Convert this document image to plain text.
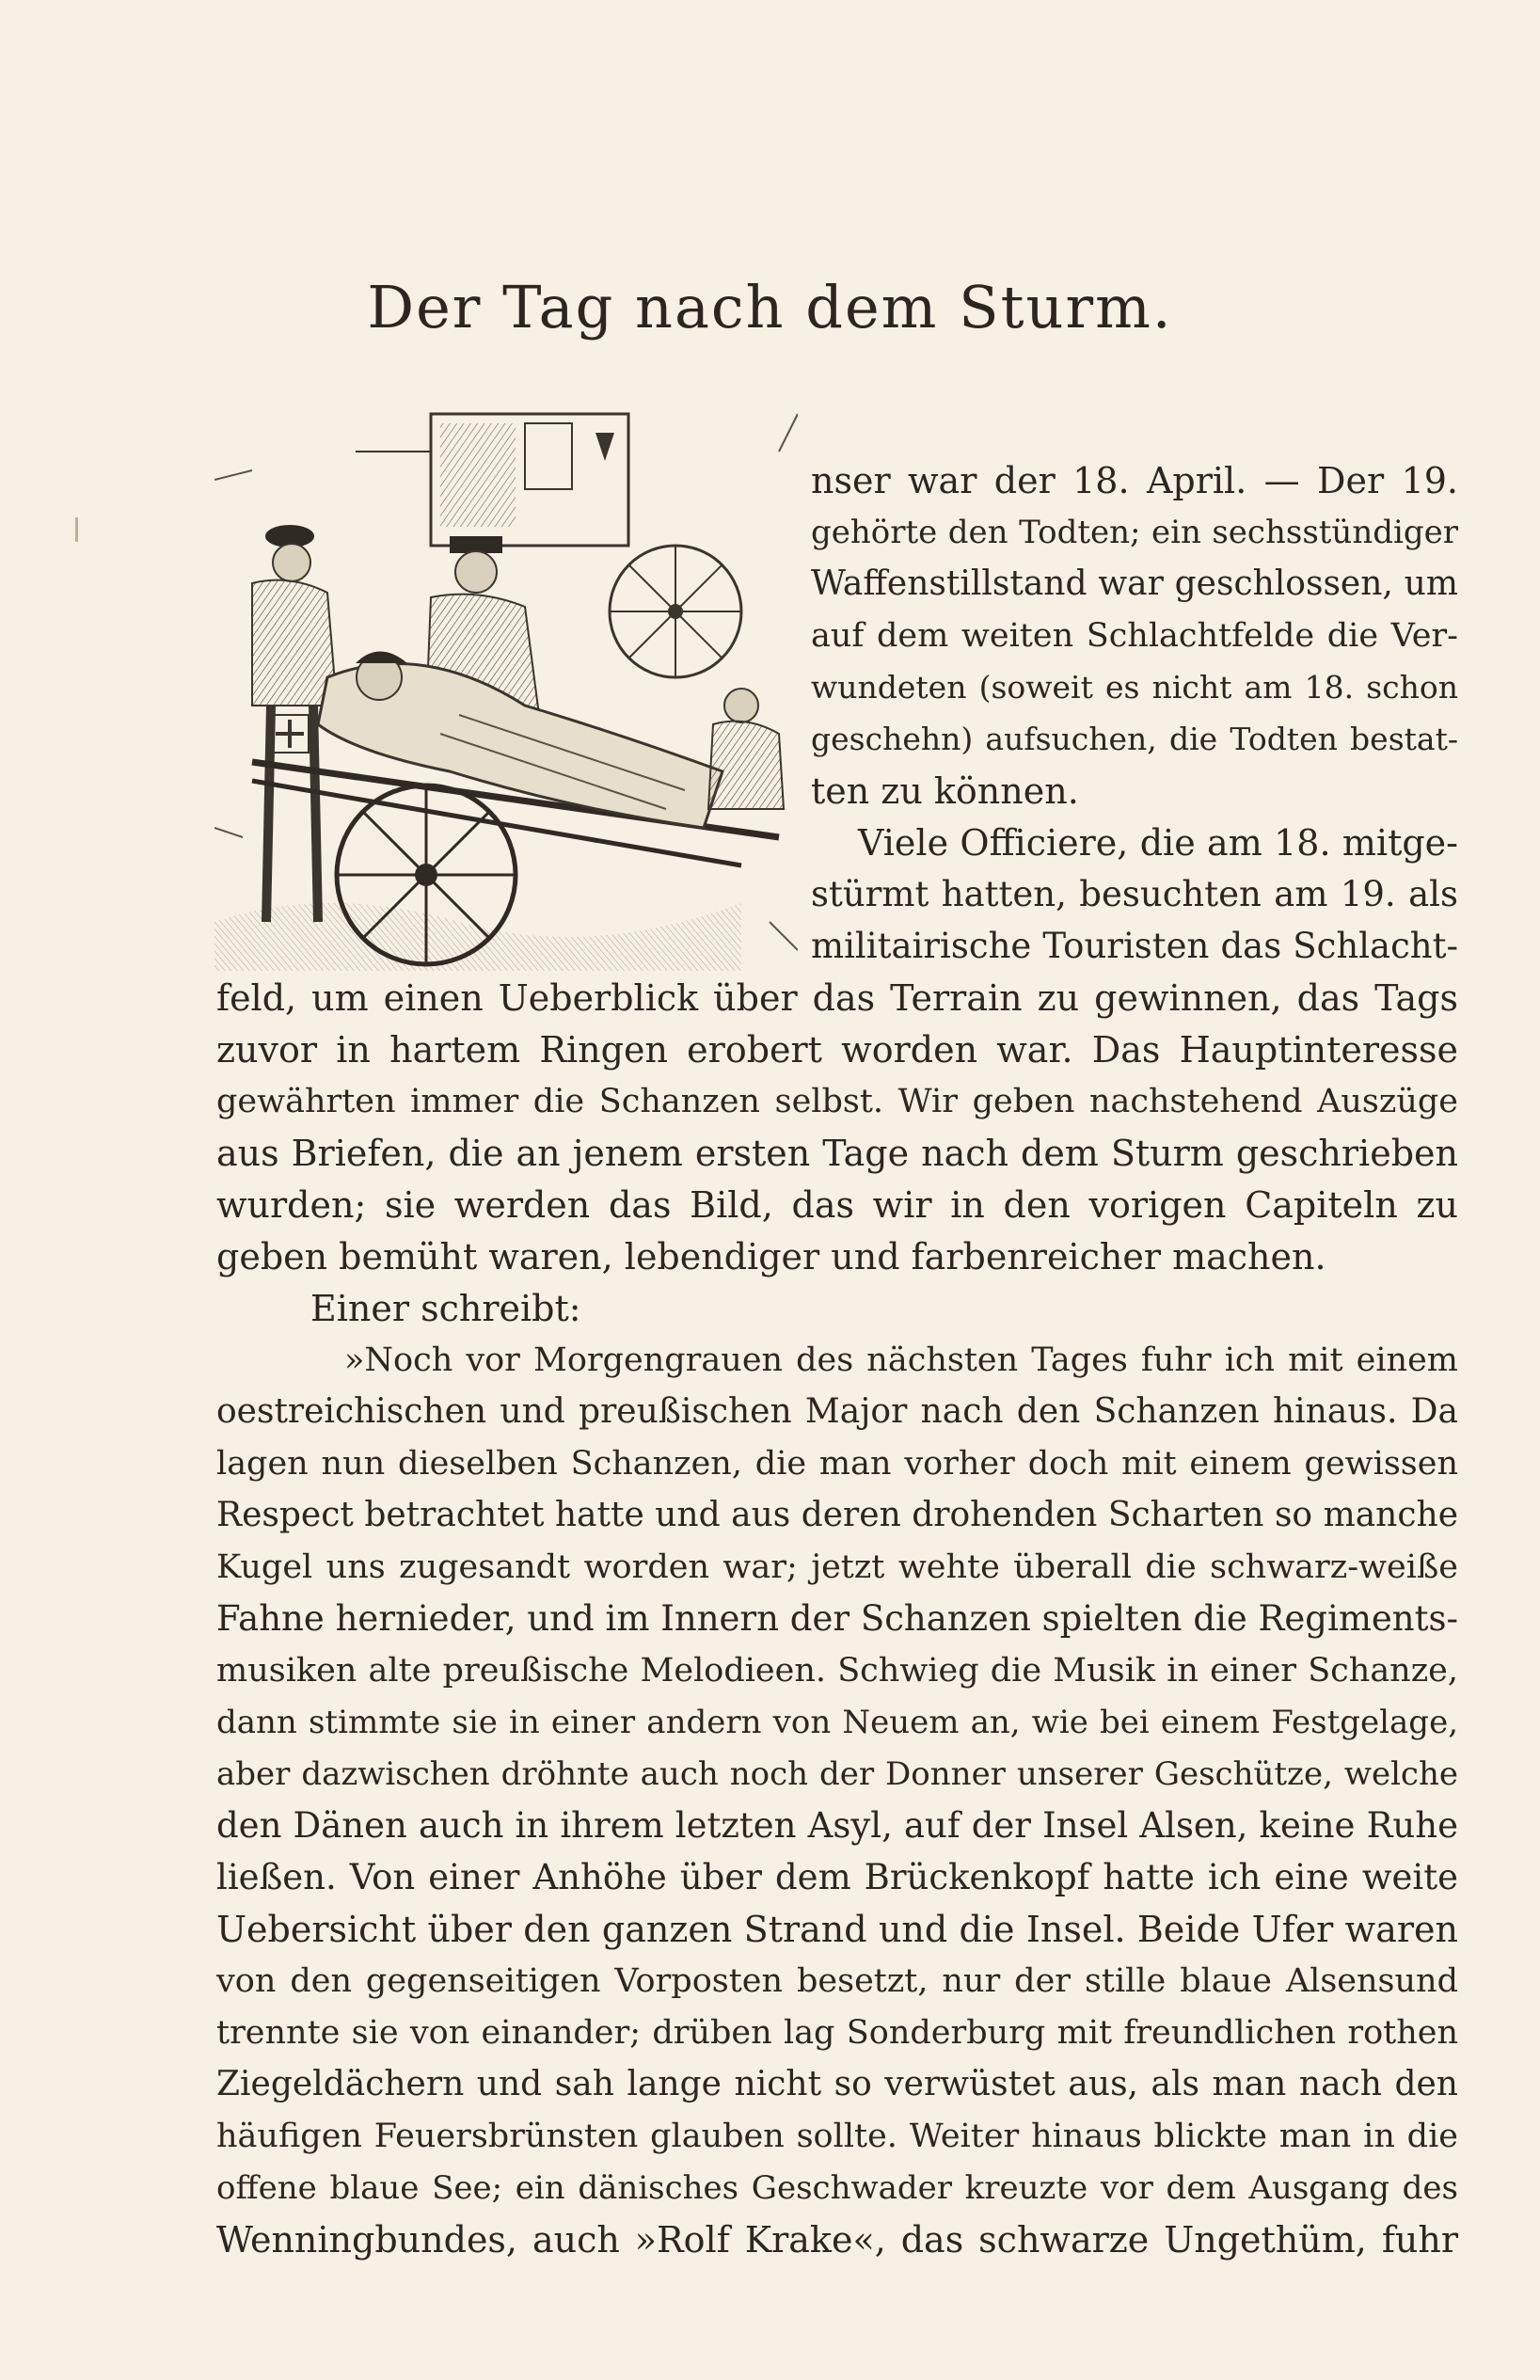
Der Tag nach dem Sturm.
nser war der 18. April. — Der 19.
gehörte den Todten; ein sechsstündiger
Waffenstillstand war geschlossen, um
auf dem weiten Schlachtfelde die Ver-
wundeten (soweit es nicht am 18. schon
geschehn) aufsuchen, die Todten bestat-
ten zu können.
Viele Officiere, die am 18. mitge-
stürmt hatten, besuchten am 19. als
militairische Touristen das Schlacht-
feld, um einen Ueberblick über das Terrain zu gewinnen, das Tags
zuvor in hartem Ringen erobert worden war. Das Hauptinteresse
gewährten immer die Schanzen selbst. Wir geben nachstehend Auszüge
aus Briefen, die an jenem ersten Tage nach dem Sturm geschrieben
wurden; sie werden das Bild, das wir in den vorigen Capiteln zu
geben bemüht waren, lebendiger und farbenreicher machen.
Einer schreibt:
»Noch vor Morgengrauen des nächsten Tages fuhr ich mit einem
oestreichischen und preußischen Major nach den Schanzen hinaus. Da
lagen nun dieselben Schanzen, die man vorher doch mit einem gewissen
Respect betrachtet hatte und aus deren drohenden Scharten so manche
Kugel uns zugesandt worden war; jetzt wehte überall die schwarz-weiße
Fahne hernieder, und im Innern der Schanzen spielten die Regiments-
musiken alte preußische Melodieen. Schwieg die Musik in einer Schanze,
dann stimmte sie in einer andern von Neuem an, wie bei einem Festgelage,
aber dazwischen dröhnte auch noch der Donner unserer Geschütze, welche
den Dänen auch in ihrem letzten Asyl, auf der Insel Alsen, keine Ruhe
ließen. Von einer Anhöhe über dem Brückenkopf hatte ich eine weite
Uebersicht über den ganzen Strand und die Insel. Beide Ufer waren
von den gegenseitigen Vorposten besetzt, nur der stille blaue Alsensund
trennte sie von einander; drüben lag Sonderburg mit freundlichen rothen
Ziegeldächern und sah lange nicht so verwüstet aus, als man nach den
häufigen Feuersbrünsten glauben sollte. Weiter hinaus blickte man in die
offene blaue See; ein dänisches Geschwader kreuzte vor dem Ausgang des
Wenningbundes, auch »Rolf Krake«, das schwarze Ungethüm, fuhr
